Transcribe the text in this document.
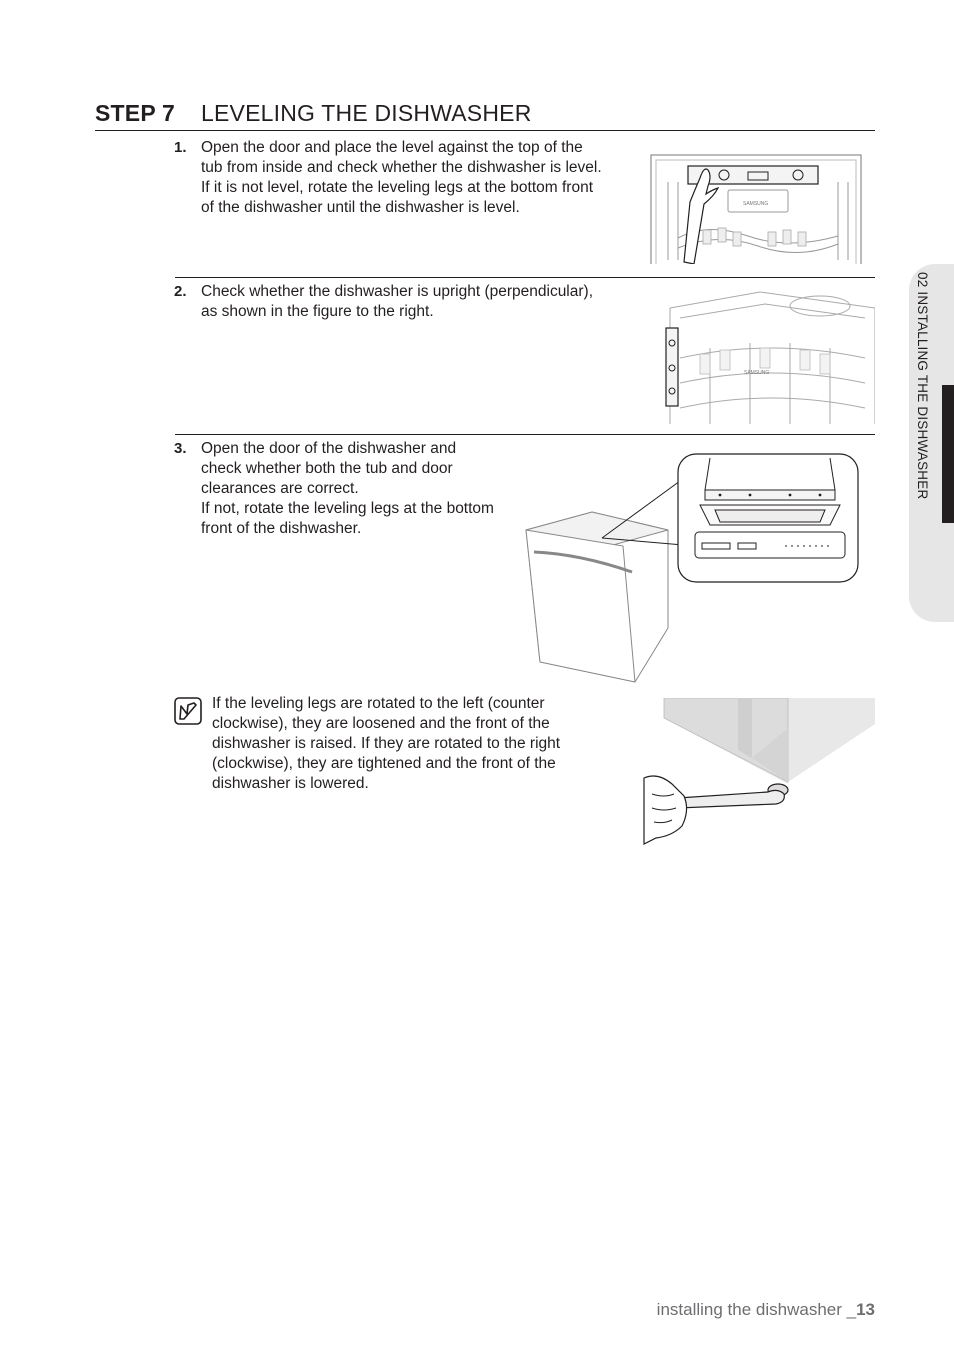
STEP 7 LEVELING THE DISHWASHER
1. Open the door and place the level against the top of the
tub from inside and check whether the dishwasher is level.
If it is not level, rotate the leveling legs at the bottom front
of the dishwasher until the dishwasher is level.	SAMSUNG
2. Check whether the dishwasher is upright (perpendicular),
as shown in the figure to the right.
SAMSUNG
3. Open the door of the dishwasher and
check whether both the tub and door
clearances are correct.
If not, rotate the leveling legs at the bottom
front of the dishwasher.
If the leveling legs are rotated to the left (counter
clockwise), they are loosened and the front of the
dishwasher is raised. If they are rotated to the right
(clockwise), they are tightened and the front of the
dishwasher is lowered.
02 INSTALLING THE DISHWASHER
installing the dishwasher _13
